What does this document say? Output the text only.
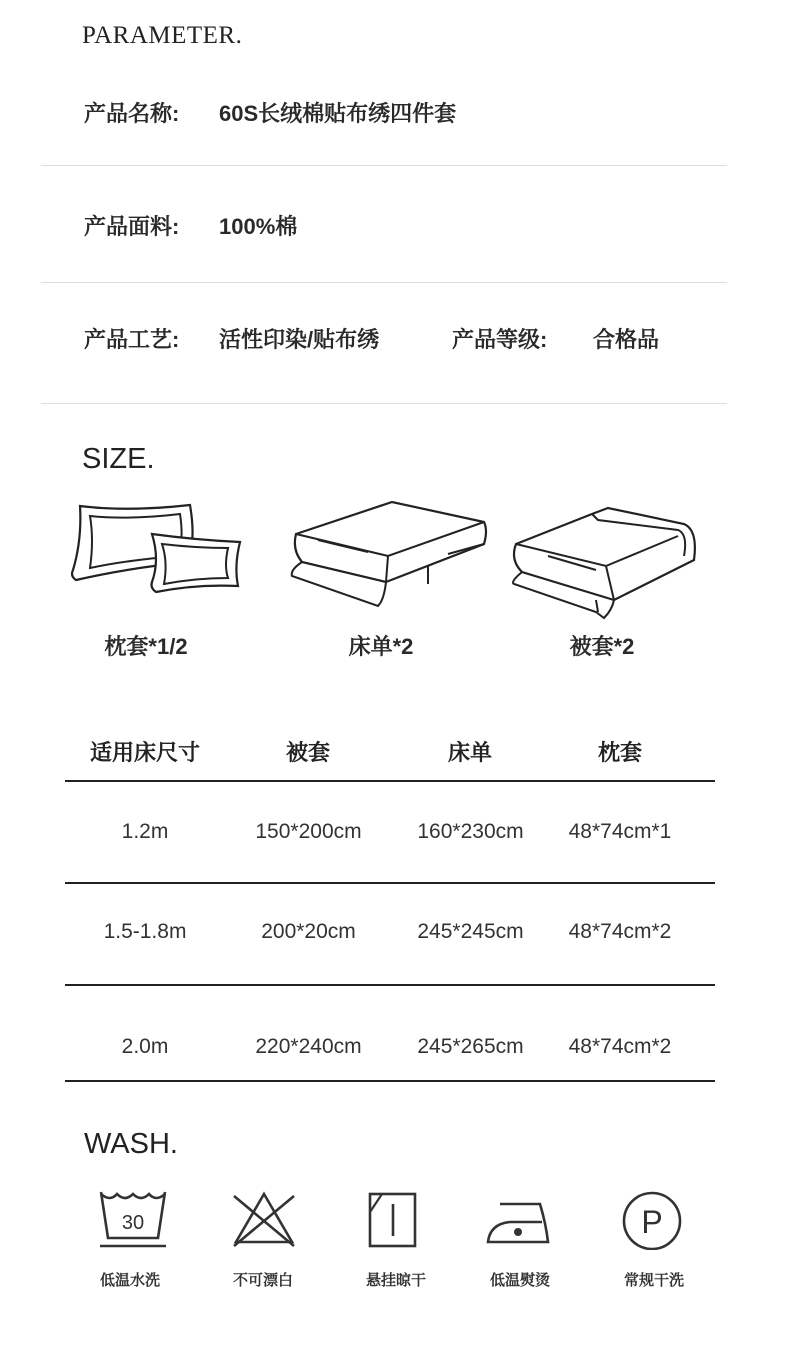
PARAMETER.
产品名称:	60S长绒棉贴布绣四件套
产品面料:	100%棉
产品工艺:	活性印染/贴布绣	产品等级:	合格品
SIZE.
枕套*1/2	床单*2	被套*2
适用床尺寸	被套	床单	枕套
1.2m	150*200cm	160*230cm	48*74cm*1
1.5-1.8m	200*20cm	245*245cm	48*74cm*2
2.0m	220*240cm	245*265cm	48*74cm*2
WASH.
30
低温水洗	不可漂白	悬挂晾干	低温熨烫
P
常规干洗
